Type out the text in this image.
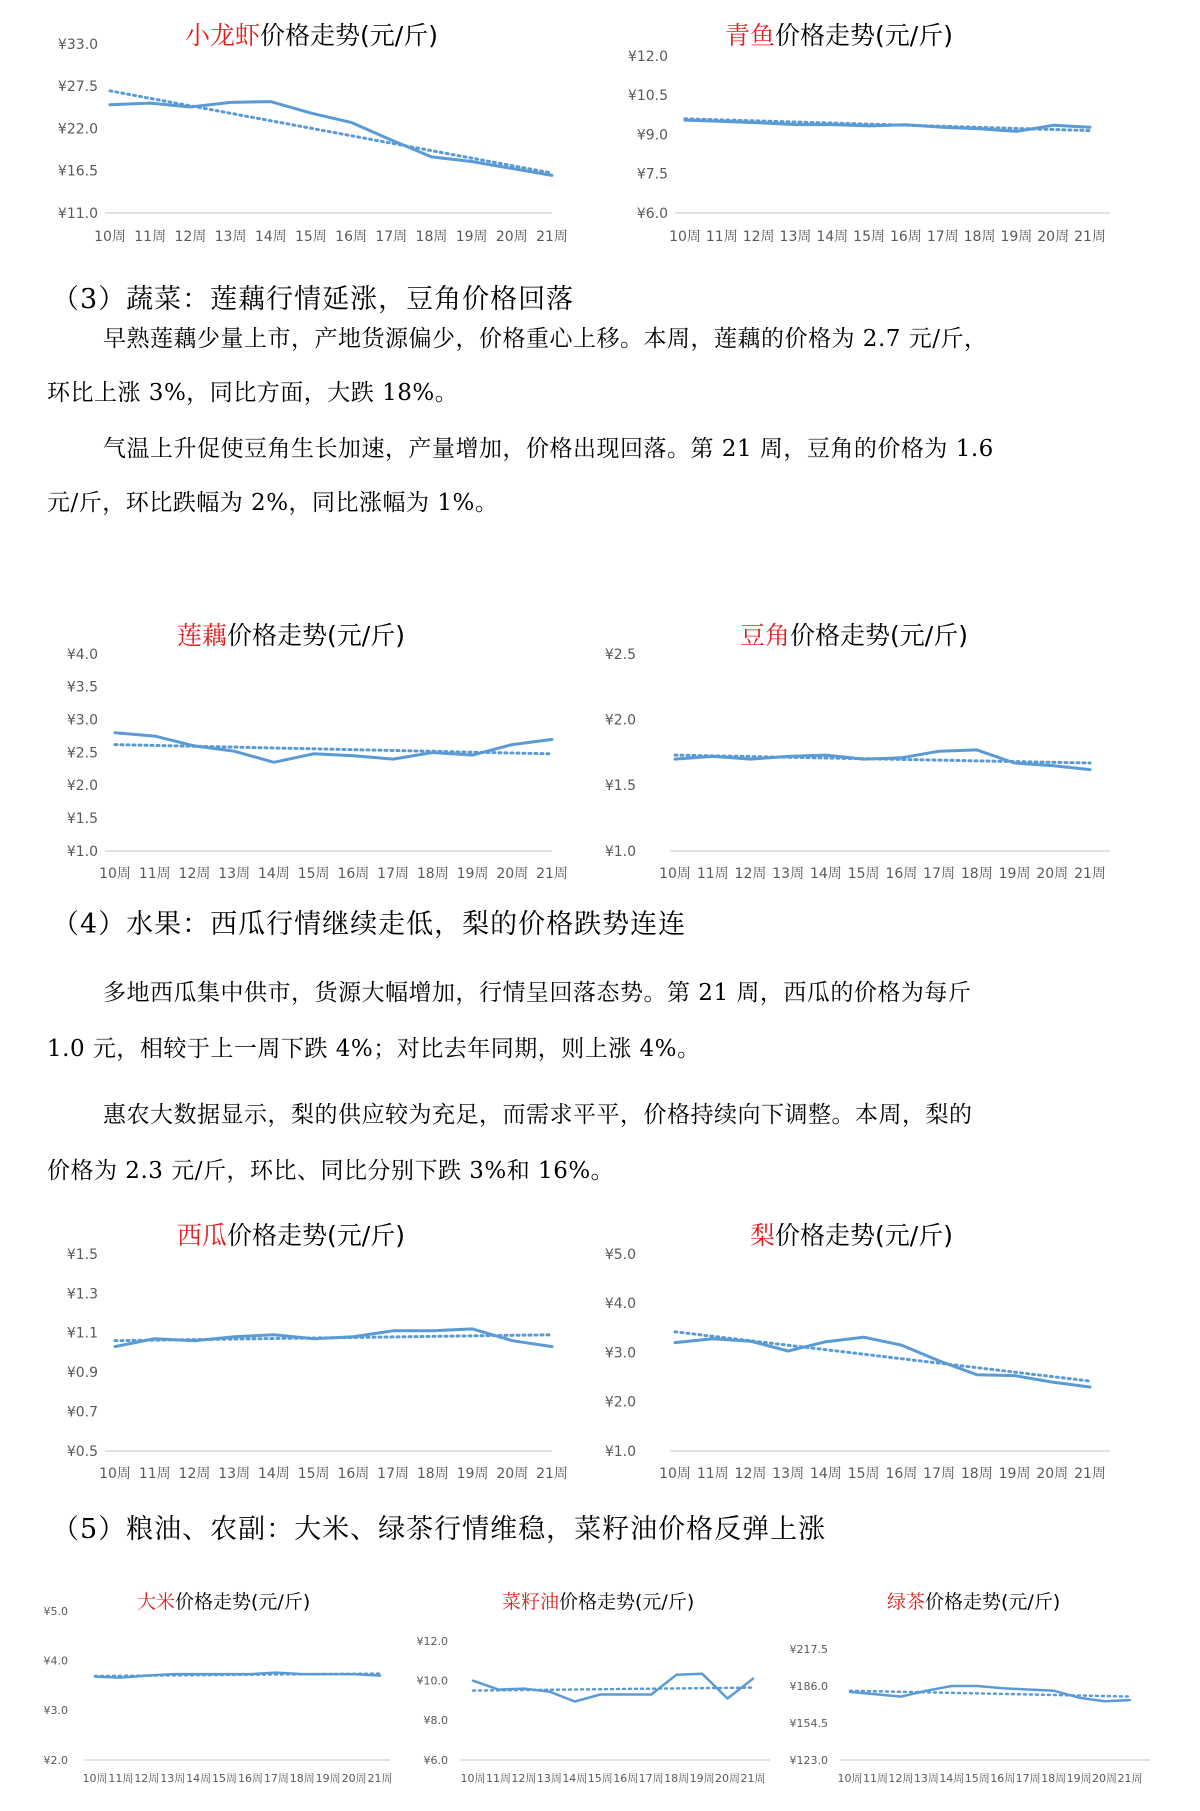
小龙虾价格走势(元/斤)
¥11.0
¥16.5
¥22.0
¥27.5
¥33.0
10周 11周 12周 13周 14周 15周 16周 17周 18周 19周 20周 21周
青鱼价格走势(元/斤)
¥6.0
¥7.5
¥9.0
¥10.5
¥12.0
10周 11周 12周 13周 14周 15周 16周 17周 18周 19周 20周 21周
（3）蔬菜：莲藕行情延涨，豆角价格回落
早熟莲藕少量上市，产地货源偏少，价格重心上移。本周，莲藕的价格为 2.7 元/斤，
环比上涨 3%，同比方面，大跌 18%。
气温上升促使豆角生长加速，产量增加，价格出现回落。第 21 周，豆角的价格为 1.6
元/斤，环比跌幅为 2%，同比涨幅为 1%。
莲藕价格走势(元/斤)
¥1.0
¥1.5
¥2.0
¥2.5
¥3.0
¥3.5
¥4.0
10周 11周 12周 13周 14周 15周 16周 17周 18周 19周 20周 21周
豆角价格走势(元/斤)
¥1.0
¥1.5
¥2.0
¥2.5
10周 11周 12周 13周 14周 15周 16周 17周 18周 19周 20周 21周
（4）水果：西瓜行情继续走低，梨的价格跌势连连
多地西瓜集中供市，货源大幅增加，行情呈回落态势。第 21 周，西瓜的价格为每斤
1.0 元，相较于上一周下跌 4%；对比去年同期，则上涨 4%。
惠农大数据显示，梨的供应较为充足，而需求平平，价格持续向下调整。本周，梨的
价格为 2.3 元/斤，环比、同比分别下跌 3%和 16%。
西瓜价格走势(元/斤)
¥0.5
¥0.7
¥0.9
¥1.1
¥1.3
¥1.5
10周 11周 12周 13周 14周 15周 16周 17周 18周 19周 20周 21周
梨价格走势(元/斤)
¥1.0
¥2.0
¥3.0
¥4.0
¥5.0
10周 11周 12周 13周 14周 15周 16周 17周 18周 19周 20周 21周
（5）粮油、农副：大米、绿茶行情维稳，菜籽油价格反弹上涨
大米价格走势(元/斤)
¥2.0
¥3.0
¥4.0
¥5.0
10周 11周 12周 13周 14周 15周 16周 17周 18周 19周 20周 21周
菜籽油价格走势(元/斤)
¥6.0
¥8.0
¥10.0
¥12.0
10周 11周 12周 13周 14周 15周 16周 17周 18周 19周 20周 21周
绿茶价格走势(元/斤)
¥123.0
¥154.5
¥186.0
¥217.5
10周 11周 12周 13周 14周 15周 16周 17周 18周 19周 20周 21周
